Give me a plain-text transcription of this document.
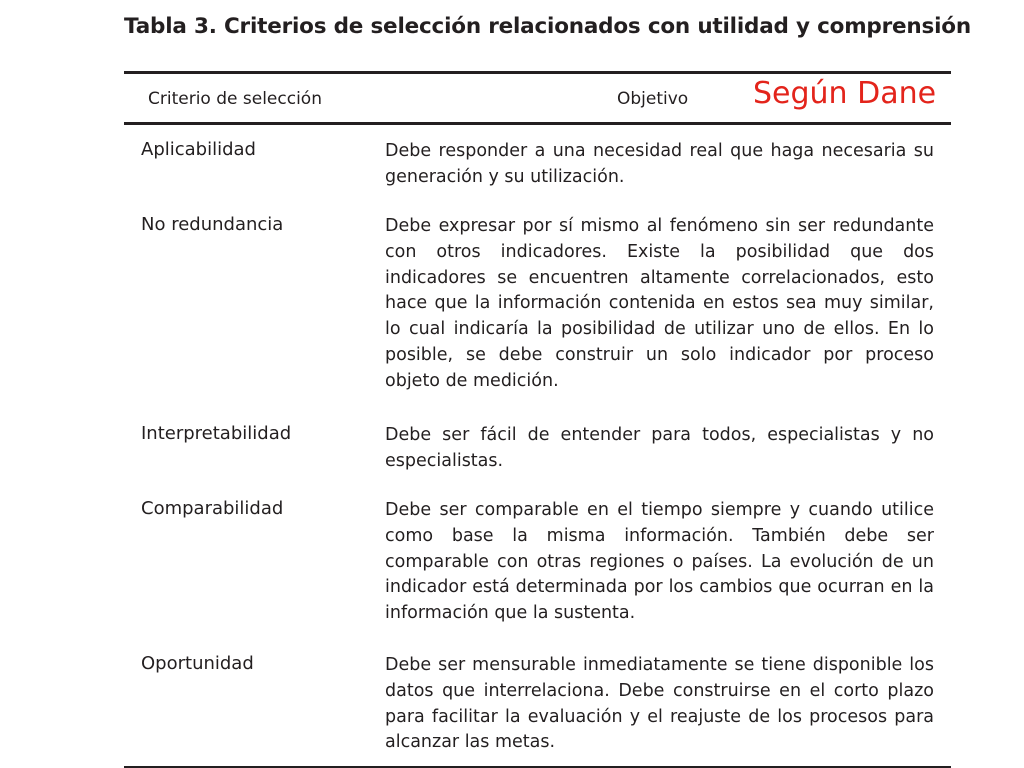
Tabla 3. Criterios de selección relacionados con utilidad y comprensión
Criterio de selección	Objetivo Según Dane
Aplicabilidad	Debe responder a una necesidad real que haga necesaria su generación y su utilización.
No redundancia	Debe expresar por sí mismo al fenómeno sin ser redundante con otros indicadores. Existe la posibilidad que dos indicadores se encuentren altamente correlacionados, esto hace que la información contenida en estos sea muy similar, lo cual indicaría la posibilidad de utilizar uno de ellos. En lo posible, se debe construir un solo indicador por proceso objeto de medición.
Interpretabilidad	Debe ser fácil de entender para todos, especialistas y no especialistas.
Comparabilidad	Debe ser comparable en el tiempo siempre y cuando utilice como base la misma información. También debe ser comparable con otras regiones o países. La evolución de un indicador está determinada por los cambios que ocurran en la información que la sustenta.
Oportunidad	Debe ser mensurable inmediatamente se tiene disponible los datos que interrelaciona. Debe construirse en el corto plazo para facilitar la evaluación y el reajuste de los procesos para alcanzar las metas.
